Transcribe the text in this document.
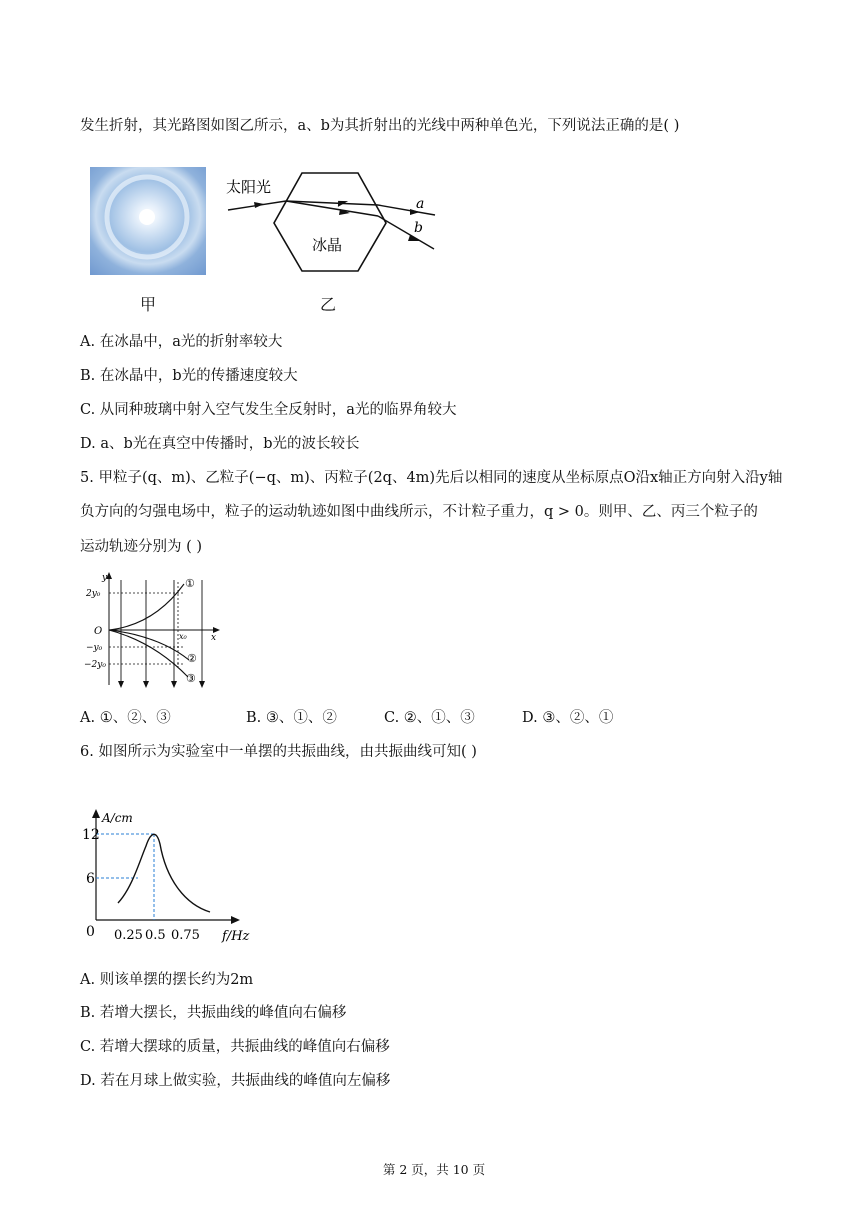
发生折射，其光路图如图乙所示，a、b为其折射出的光线中两种单色光，下列说法正确的是( )
甲
太阳光
冰晶
a
b
乙
A. 在冰晶中，a光的折射率较大
B. 在冰晶中，b光的传播速度较大
C. 从同种玻璃中射入空气发生全反射时，a光的临界角较大
D. a、b光在真空中传播时，b光的波长较长
5. 甲粒子(q、m)、乙粒子(−q、m)、丙粒子(2q、4m)先后以相同的速度从坐标原点O沿x轴正方向射入沿y轴
负方向的匀强电场中，粒子的运动轨迹如图中曲线所示，不计粒子重力，q > 0。则甲、乙、丙三个粒子的
运动轨迹分别为 ( )
y
x
O
2y₀
−y₀
−2y₀
x₀
①
②
③
A. ①、②、③	B. ③、①、②	C. ②、①、③	D. ③、②、①
6. 如图所示为实验室中一单摆的共振曲线，由共振曲线可知( )
A/cm
12
6
0 0.25 0.5 0.75 f/Hz
A. 则该单摆的摆长约为2m
B. 若增大摆长，共振曲线的峰值向右偏移
C. 若增大摆球的质量，共振曲线的峰值向右偏移
D. 若在月球上做实验，共振曲线的峰值向左偏移
第 2 页，共 10 页
